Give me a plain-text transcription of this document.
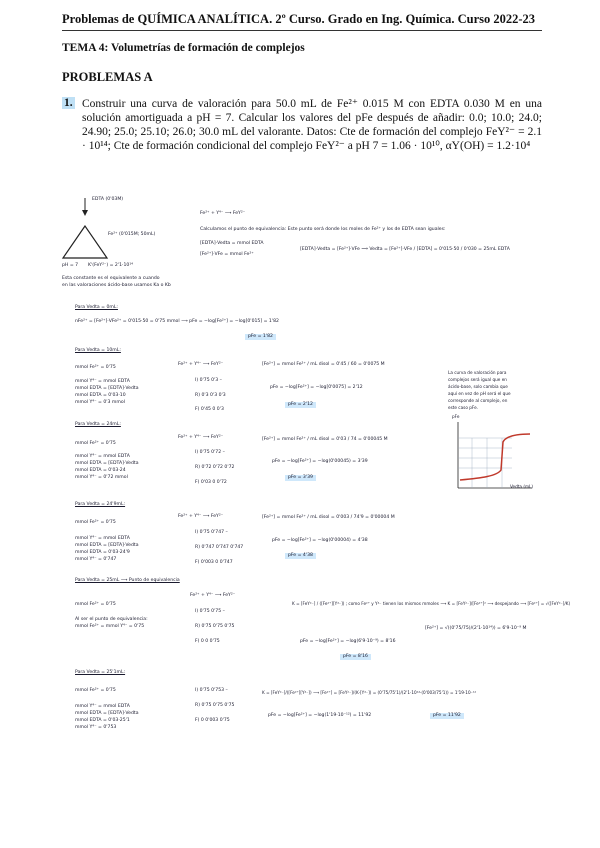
Problemas de QUÍMICA ANALÍTICA. 2º Curso. Grado en Ing. Química. Curso 2022-23
TEMA 4: Volumetrías de formación de complejos
PROBLEMAS A
1. Construir una curva de valoración para 50.0 mL de Fe²⁺ 0.015 M con EDTA 0.030 M en una solución amortiguada a pH = 7. Calcular los valores del pFe después de añadir: 0.0; 10.0; 24.0; 24.90; 25.0; 25.10; 26.0; 30.0 mL del valorante. Datos: Cte de formación del complejo FeY²⁻ = 2.1 · 10¹⁴; Cte de formación condicional del complejo FeY²⁻ a pH 7 = 1.06 · 10¹⁰, αY(OH) = 1.2·10⁴
EDTA (0'03M)
Fe²⁺ (0'015M; 50mL)
pH = 7 K'(FeY²⁻) = 2'1·10¹⁴
Esta constante es el equivalente a cuando
en las valoraciones ácido-base usamos Ka o Kb
Fe²⁺ + Y⁴⁻ ⟶ FeY²⁻
Calculamos el punto de equivalencia: Este punto será donde los moles de Fe²⁺ y los de EDTA sean iguales:
[EDTA]·Vedta = mmol EDTA
[Fe²⁺]·VFe = mmol Fe²⁺
[EDTA]·Vedta = [Fe²⁺]·VFe ⟹ Vedta = [Fe²⁺]·VFe / [EDTA] = 0'015·50 / 0'030 = 25mL EDTA
Para Vedta = 0mL:
nFe²⁺ = [Fe²⁺]·VFe²⁺ = 0'015·50 = 0'75 mmol ⟶ pFe = −log[Fe²⁺] = −log[0'015] = 1'82
pFe = 1'82
Para Vedta = 10mL:
mmol Fe²⁺ = 0'75
mmol Y⁴⁻ = mmol EDTA
mmol EDTA = [EDTA]·Vedta
mmol EDTA = 0'03·10
mmol Y⁴⁻ = 0'3 mmol
Fe²⁺ + Y⁴⁻ ⟶ FeY²⁻
I) 0'75 0'3 –
R) 0'3 0'3 0'3
F) 0'45 0 0'3
[Fe²⁺] = mmol Fe²⁺ / mL disol = 0'45 / 60 = 0'0075 M
pFe = −log[Fe²⁺] = −log[0'0075] = 2'12
pFe = 2'12
La curva de valoración para
complejos será igual que en
ácido-base, solo cambia que
aquí en vez de pH será el que
corresponde al complejo, en
este caso pFe.
pFe
Vedta (mL)
Para Vedta = 24mL:
mmol Fe²⁺ = 0'75
mmol Y⁴⁻ = mmol EDTA
mmol EDTA = [EDTA]·Vedta
mmol EDTA = 0'03·24
mmol Y⁴⁻ = 0'72 mmol
Fe²⁺ + Y⁴⁻ ⟶ FeY²⁻
I) 0'75 0'72 –
R) 0'72 0'72 0'72
F) 0'03 0 0'72
[Fe²⁺] = mmol Fe²⁺ / mL disol = 0'03 / 74 = 0'00045 M
pFe = −log[Fe²⁺] = −log(0'00045) = 3'39
pFe = 3'39
Para Vedta = 24'9mL:
mmol Fe²⁺ = 0'75
mmol Y⁴⁻ = mmol EDTA
mmol EDTA = [EDTA]·Vedta
mmol EDTA = 0'03·24'9
mmol Y⁴⁻ = 0'747
Fe²⁺ + Y⁴⁻ ⟶ FeY²⁻
I) 0'75 0'747 –
R) 0'747 0'747 0'747
F) 0'003 0 0'747
[Fe²⁺] = mmol Fe²⁺ / mL disol = 0'003 / 74'9 = 0'00004 M
pFe = −log[Fe²⁺] = −log(0'00004) = 4'38
pFe = 4'38
Para Vedta = 25mL ⟶ Punto de equivalencia
mmol Fe²⁺ = 0'75
Al ser el punto de equivalencia:
mmol Fe²⁺ = mmol Y⁴⁻ = 0'75
Fe²⁺ + Y⁴⁻ ⟶ FeY²⁻
I) 0'75 0'75 –
R) 0'75 0'75 0'75
F) 0 0 0'75
K = [FeY²⁻] / ([Fe²⁺][Y⁴⁻]) ; como Fe²⁺ y Y⁴⁻ tienen los mismos mmoles ⟶ K = [FeY²⁻]/[Fe²⁺]² ⟶ despejando ⟶ [Fe²⁺] = √([FeY²⁻]/K)
[Fe²⁺] = √((0'75/75)/(2'1·10¹⁴)) = 6'9·10⁻⁹ M
pFe = −log[Fe²⁺] = −log(6'9·10⁻⁹) = 8'16
pFe = 8'16
Para Vedta = 25'1mL:
mmol Fe²⁺ = 0'75
mmol Y⁴⁻ = mmol EDTA
mmol EDTA = [EDTA]·Vedta
mmol EDTA = 0'03·25'1
mmol Y⁴⁻ = 0'753
I) 0'75 0'753 –
R) 0'75 0'75 0'75
F) 0 0'003 0'75
K = [FeY²⁻]/([Fe²⁺][Y⁴⁻]) ⟶ [Fe²⁺] = [FeY²⁻]/(K·[Y⁴⁻]) = (0'75/75'1)/(2'1·10¹⁴·(0'003/75'1)) = 1'19·10⁻¹²
pFe = −log[Fe²⁺] = −log(1'19·10⁻¹²) = 11'92	pFe = 11'92
